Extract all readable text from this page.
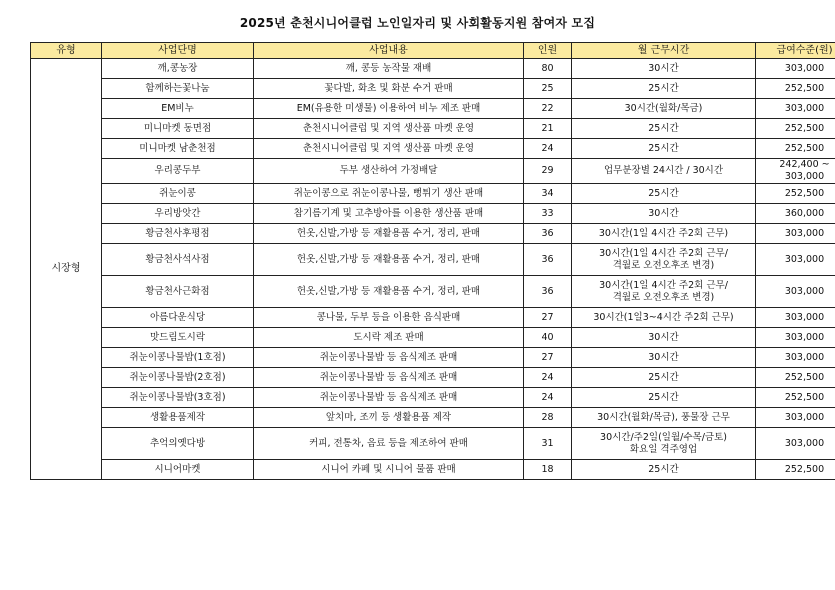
2025년 춘천시니어클럽 노인일자리 및 사회활동지원 참여자 모집
유형	사업단명	사업내용	인원	월 근무시간	급여수준(원)
시장형	깨,콩농장	깨, 콩등 농작물 재배	80	30시간	303,000
	함께하는꽃나눔	꽃다발, 화초 및 화분 수거 판매	25	25시간	252,500
	EM비누	EM(유용한 미생물) 이용하여 비누 제조 판매	22	30시간(월화/목금)	303,000
	미니마켓 동면점	춘천시니어클럽 및 지역 생산품 마켓 운영	21	25시간	252,500
	미니마켓 남춘천점	춘천시니어클럽 및 지역 생산품 마켓 운영	24	25시간	252,500
	우리콩두부	두부 생산하여 가정배달	29	업무분장별 24시간 / 30시간	242,400 ~
303,000
	쥐눈이콩	쥐눈이콩으로 쥐눈이콩나물, 뻥튀기 생산 판매	34	25시간	252,500
	우리방앗간	참기름기계 및 고추방아를 이용한 생산품 판매	33	30시간	360,000
	황금천사후평점	헌옷,신발,가방 등 재활용품 수거, 정리, 판매	36	30시간(1일 4시간 주2회 근무)	303,000
	황금천사석사점	헌옷,신발,가방 등 재활용품 수거, 정리, 판매	36	30시간(1일 4시간 주2회 근무/
격월로 오전오후조 변경)	303,000
	황금천사근화점	헌옷,신발,가방 등 재활용품 수거, 정리, 판매	36	30시간(1일 4시간 주2회 근무/
격월로 오전오후조 변경)	303,000
	아름다운식당	콩나물, 두부 등을 이용한 음식판매	27	30시간(1일3~4시간 주2회 근무)	303,000
	맛드림도시락	도시락 제조 판매	40	30시간	303,000
	쥐눈이콩나물밥(1호점)	쥐눈이콩나물밥 등 음식제조 판매	27	30시간	303,000
	쥐눈이콩나물밥(2호점)	쥐눈이콩나물밥 등 음식제조 판매	24	25시간	252,500
	쥐눈이콩나물밥(3호점)	쥐눈이콩나물밥 등 음식제조 판매	24	25시간	252,500
	생활용품제작	앞치마, 조끼 등 생활용품 제작	28	30시간(월화/목금), 풍물장 근무	303,000
	추억의옛다방	커피, 전통차, 음료 등을 제조하여 판매	31	30시간/주2일(일월/수목/금토)
화요일 격주영업	303,000
	시니어마켓	시니어 카페 및 시니어 물품 판매	18	25시간	252,500
